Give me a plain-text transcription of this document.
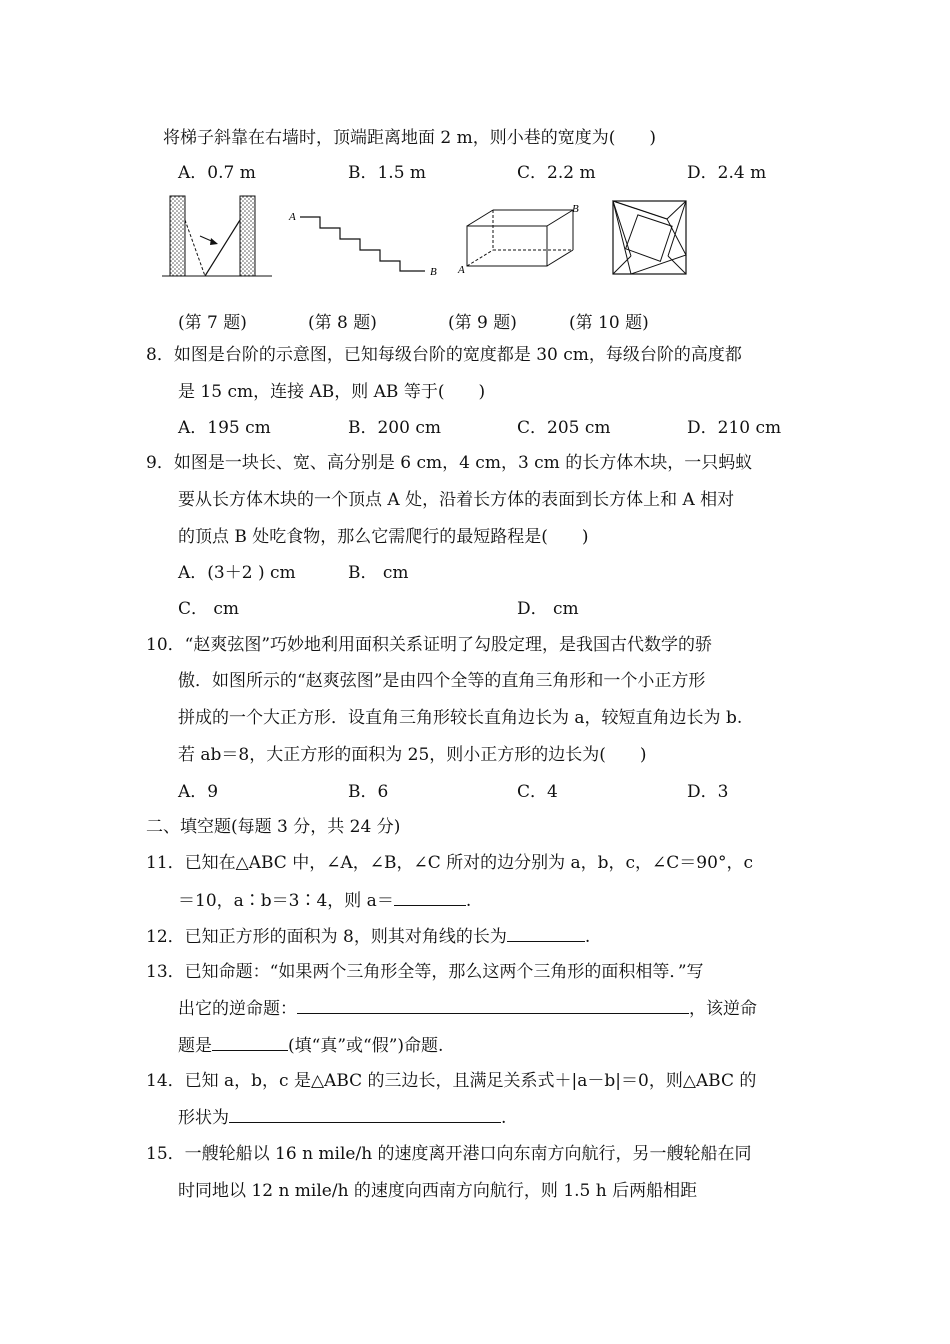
将梯子斜靠在右墙时，顶端距离地面 2 m，则小巷的宽度为(　　)
A．0.7 m	B．1.5 m	C．2.2 m	D．2.4 m
A
B
B
A
(第 7 题)	(第 8 题)	(第 9 题)	(第 10 题)
8．如图是台阶的示意图，已知每级台阶的宽度都是 30 cm，每级台阶的高度都
是 15 cm，连接 AB，则 AB 等于(　　)
A．195 cm	B．200 cm	C．205 cm	D．210 cm
9．如图是一块长、宽、高分别是 6 cm，4 cm，3 cm 的长方体木块，一只蚂蚁
要从长方体木块的一个顶点 A 处，沿着长方体的表面到长方体上和 A 相对
的顶点 B 处吃食物，那么它需爬行的最短路程是(　　)
A．(3＋2 ) cm	B． cm
C． cm	D． cm
10．“赵爽弦图”巧妙地利用面积关系证明了勾股定理，是我国古代数学的骄
傲．如图所示的“赵爽弦图”是由四个全等的直角三角形和一个小正方形
拼成的一个大正方形．设直角三角形较长直角边长为 a，较短直角边长为 b.
若 ab＝8，大正方形的面积为 25，则小正方形的边长为(　　)
A．9	B．6	C．4	D．3
二、填空题(每题 3 分，共 24 分)
11．已知在△ABC 中，∠A，∠B，∠C 所对的边分别为 a，b，c，∠C＝90°，c
＝10，a∶b＝3∶4，则 a＝	.
12．已知正方形的面积为 8，则其对角线的长为	.
13．已知命题：“如果两个三角形全等，那么这两个三角形的面积相等．”写
出它的逆命题：	，该逆命
题是	(填“真”或“假”)命题.
14．已知 a，b，c 是△ABC 的三边长，且满足关系式＋|a－b|＝0，则△ABC 的
形状为	.
15．一艘轮船以 16 n mile/h 的速度离开港口向东南方向航行，另一艘轮船在同
时同地以 12 n mile/h 的速度向西南方向航行，则 1.5 h 后两船相距
